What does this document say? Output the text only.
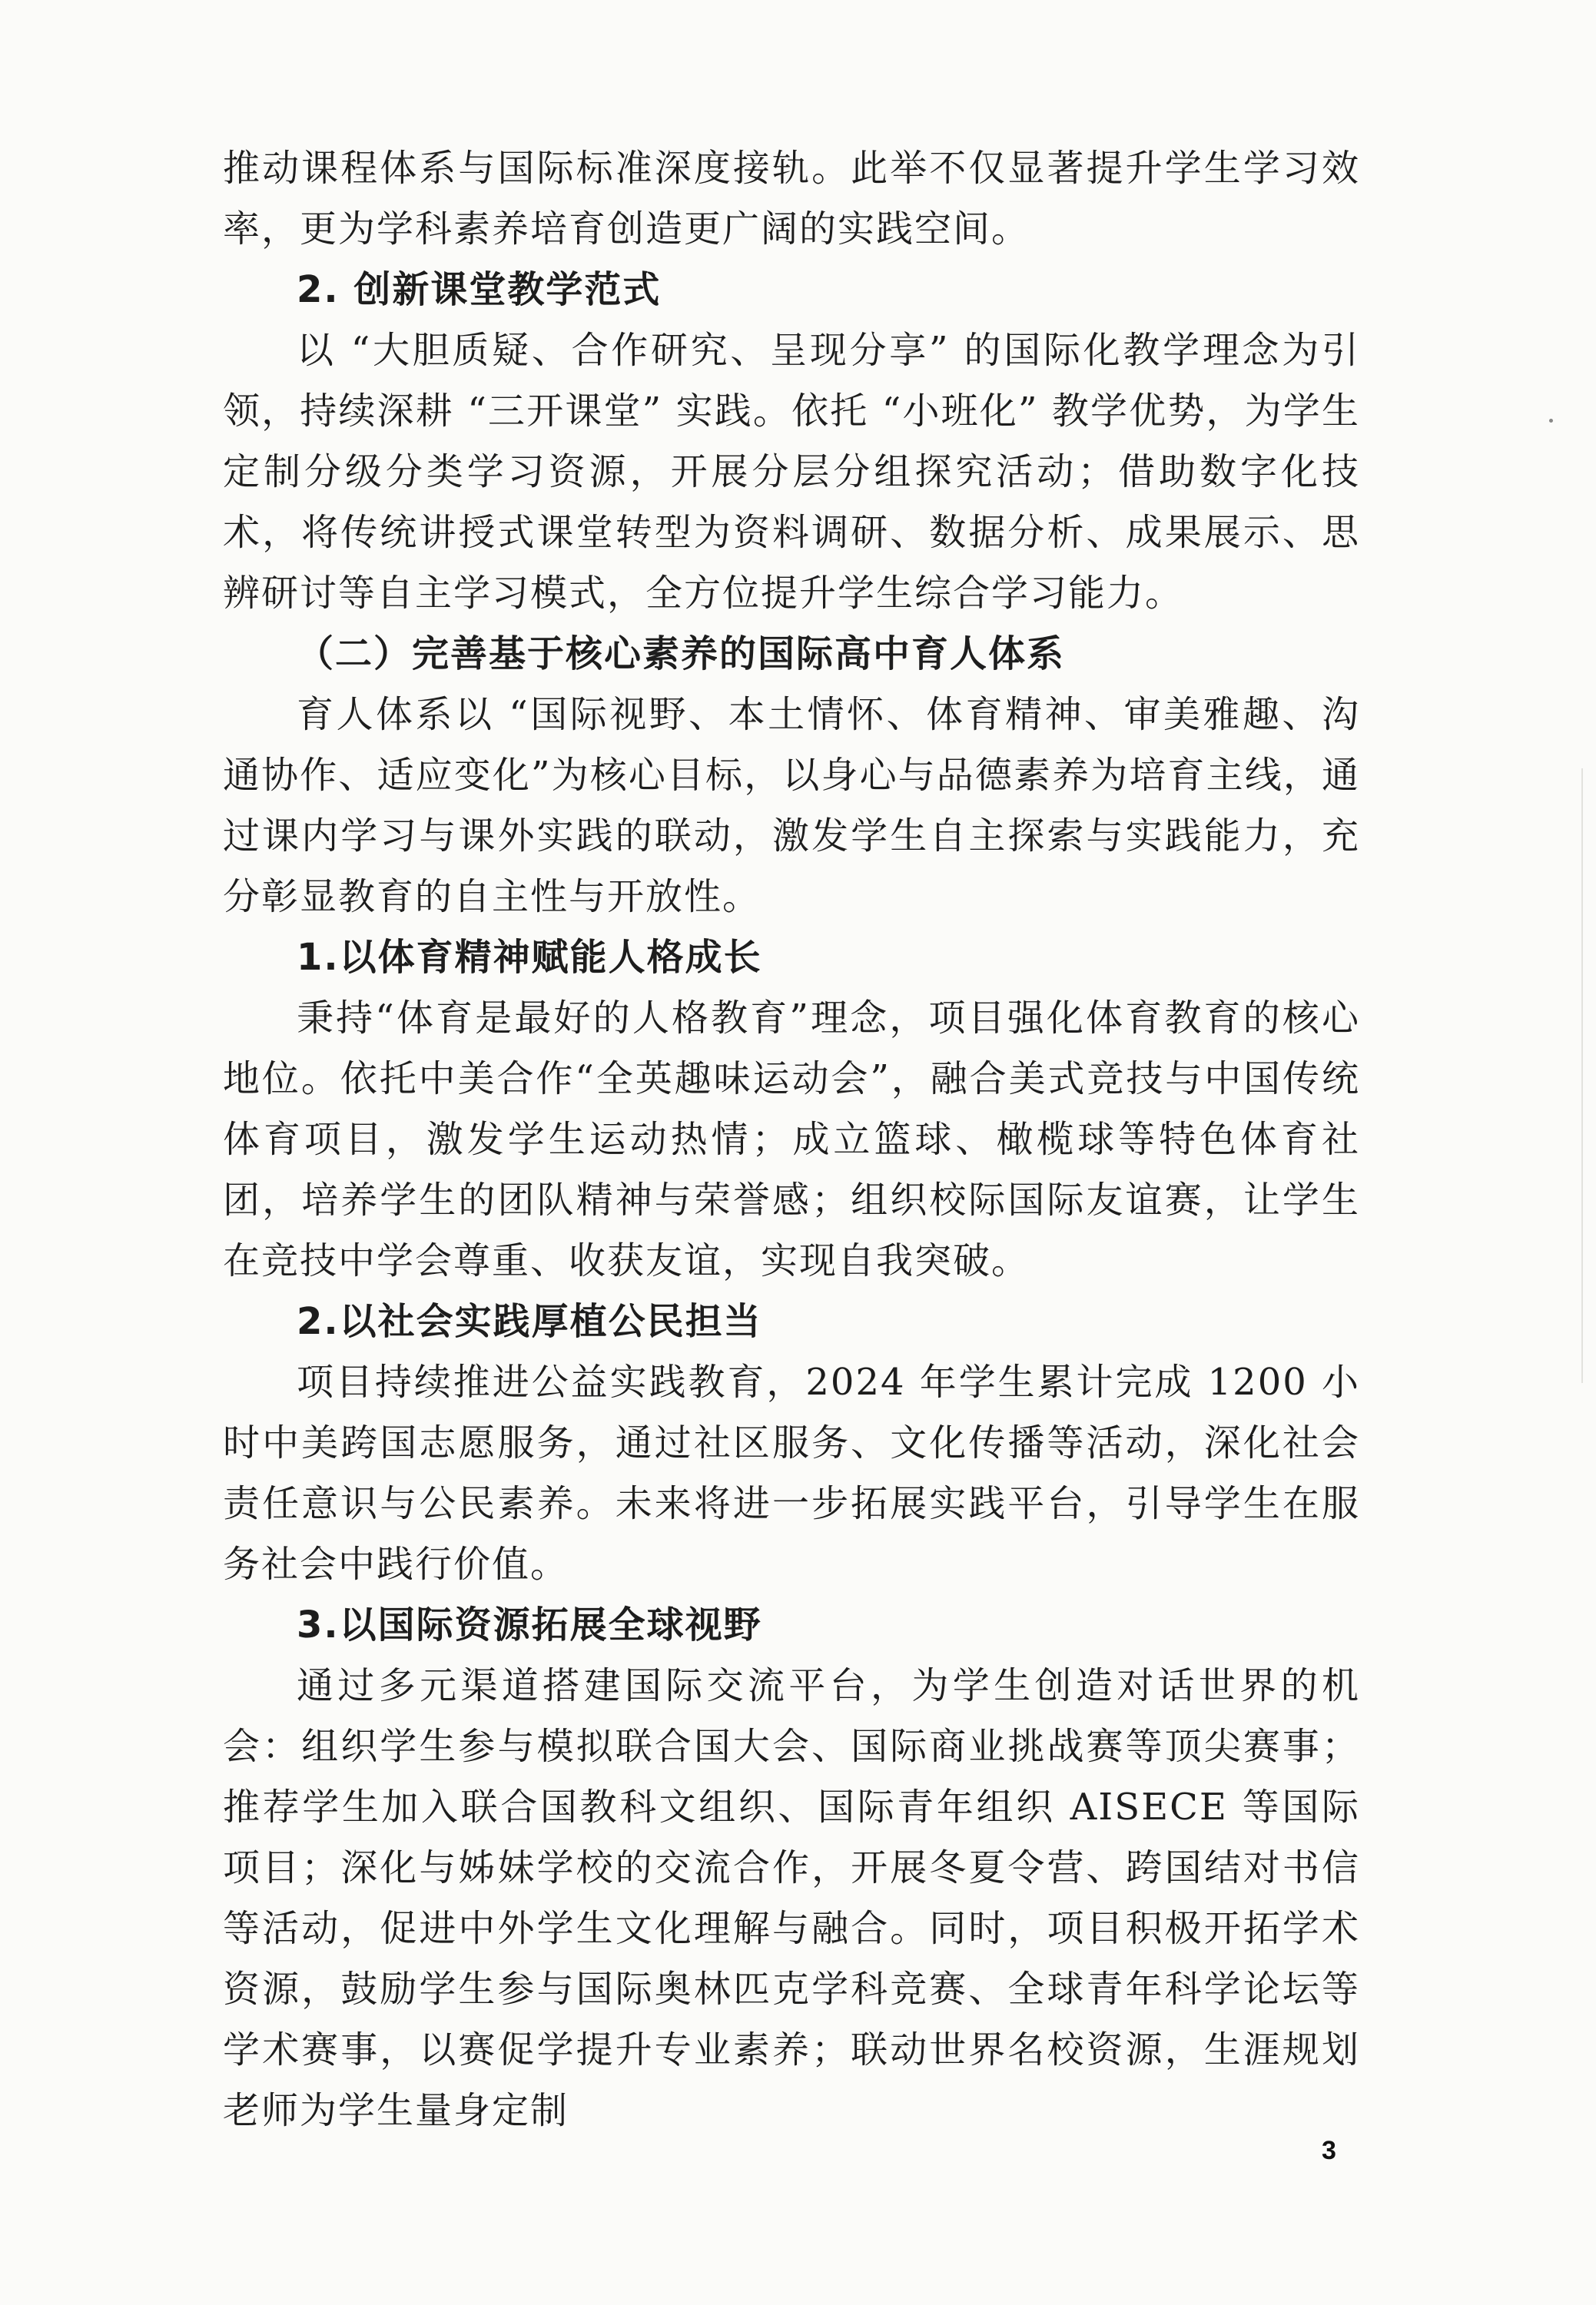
推动课程体系与国际标准深度接轨。此举不仅显著提升学生学习效率，更为学科素养培育创造更广阔的实践空间。

2. 创新课堂教学范式

以 “大胆质疑、合作研究、呈现分享” 的国际化教学理念为引领，持续深耕 “三开课堂” 实践。依托 “小班化” 教学优势，为学生定制分级分类学习资源，开展分层分组探究活动；借助数字化技术，将传统讲授式课堂转型为资料调研、数据分析、成果展示、思辨研讨等自主学习模式，全方位提升学生综合学习能力。

（二）完善基于核心素养的国际高中育人体系

育人体系以 “国际视野、本土情怀、体育精神、审美雅趣、沟通协作、适应变化”为核心目标，以身心与品德素养为培育主线，通过课内学习与课外实践的联动，激发学生自主探索与实践能力，充分彰显教育的自主性与开放性。

1.以体育精神赋能人格成长

秉持“体育是最好的人格教育”理念，项目强化体育教育的核心地位。依托中美合作“全英趣味运动会”，融合美式竞技与中国传统体育项目，激发学生运动热情；成立篮球、橄榄球等特色体育社团，培养学生的团队精神与荣誉感；组织校际国际友谊赛，让学生在竞技中学会尊重、收获友谊，实现自我突破。

2.以社会实践厚植公民担当

项目持续推进公益实践教育，2024 年学生累计完成 1200 小时中美跨国志愿服务，通过社区服务、文化传播等活动，深化社会责任意识与公民素养。未来将进一步拓展实践平台，引导学生在服务社会中践行价值。

3.以国际资源拓展全球视野

通过多元渠道搭建国际交流平台，为学生创造对话世界的机会：组织学生参与模拟联合国大会、国际商业挑战赛等顶尖赛事；推荐学生加入联合国教科文组织、国际青年组织 AISECE 等国际项目；深化与姊妹学校的交流合作，开展冬夏令营、跨国结对书信等活动，促进中外学生文化理解与融合。同时，项目积极开拓学术资源，鼓励学生参与国际奥林匹克学科竞赛、全球青年科学论坛等学术赛事，以赛促学提升专业素养；联动世界名校资源，生涯规划老师为学生量身定制

3
